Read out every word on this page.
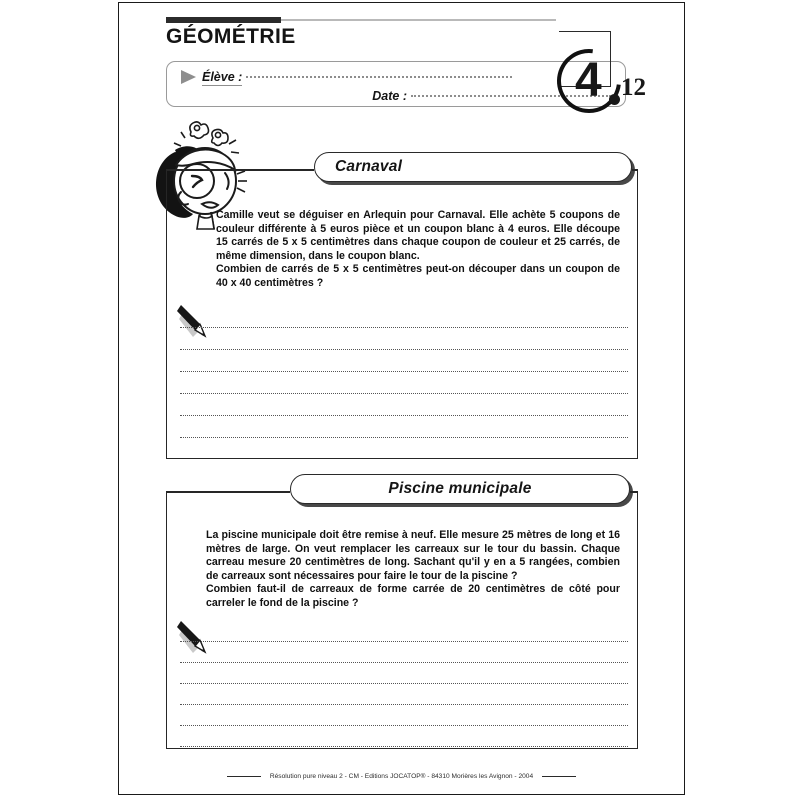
GÉOMÉTRIE
Élève :
Date :	4 12
Carnaval

Camille veut se déguiser en Arlequin pour Carnaval. Elle achète 5 coupons de couleur différente à 5 euros pièce et un coupon blanc à 4 euros. Elle découpe 15 carrés de 5 x 5 centimètres dans chaque coupon de couleur et 25 carrés, de même dimension, dans le coupon blanc.

Combien de carrés de 5 x 5 centimètres peut-on découper dans un coupon de 40 x 40 centimètres ?

Piscine municipale

La piscine municipale doit être remise à neuf. Elle mesure 25 mètres de long et 16 mètres de large. On veut remplacer les carreaux sur le tour du bassin. Chaque carreau mesure 20 centimètres de long. Sachant qu'il y en a 5 rangées, combien de carreaux sont nécessaires pour faire le tour de la piscine ?

Combien faut-il de carreaux de forme carrée de 20 centimètres de côté pour carreler le fond de la piscine ?

Résolution pure niveau 2 - CM - Editions JOCATOP® - 84310 Morières les Avignon - 2004
